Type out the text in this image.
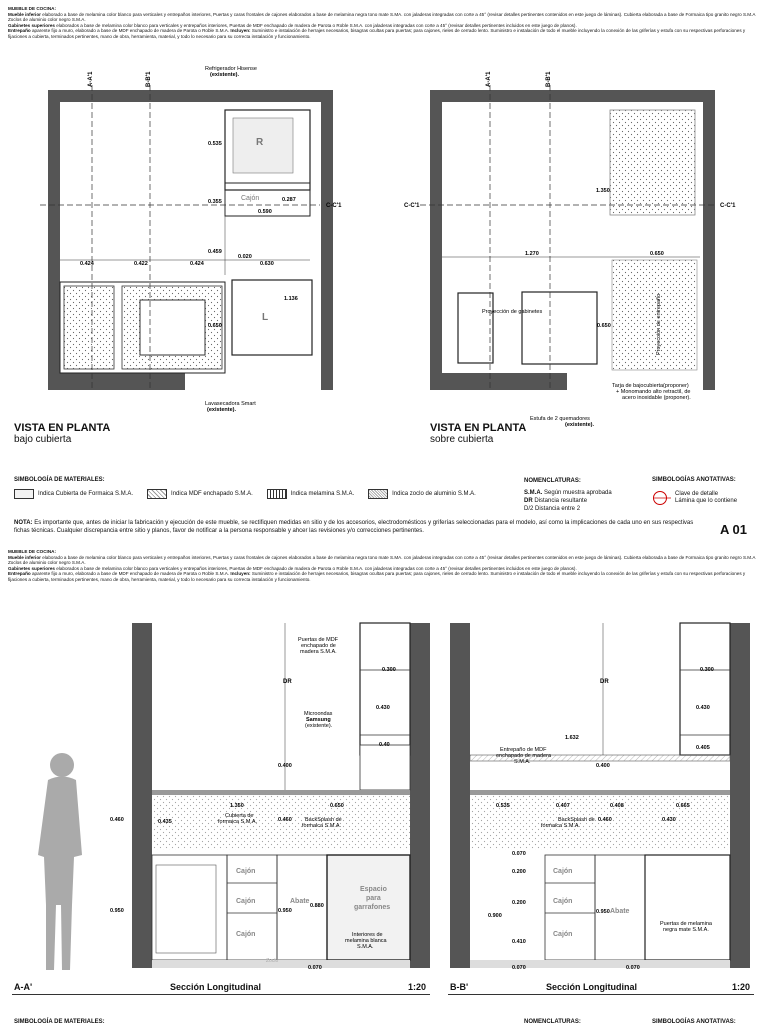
MUEBLE DE COCINA:
Mueble inferior elaborado a base de melamina color blanco para verticales y entrepaños interiores, Puertas y caras frontales de cajones elaborados a base de melamina negra tono mate S.MA. con jaladeras integradas con corte a 45° (revisar detalles pertinentes contenidos en este juego de láminas). Cubierta elaborada a base de Formaica tipo granito negro S.M.A Zoclos de aluminio color negro S.M.A.
Gabinetes superiores elaborados a base de melamina color blanco para verticales y entrepaños interiores, Puertas de MDF enchapado de madera de Parota o Roble S.M.A. con jaladeras integradas con corte a 45° (revisar detalles pertinentes incluidos en este juego de planos).
Entrepaño aparente fijo a muro, elaborado a base de MDF enchapado de madera de Parota o Roble S.M.A. Incluyen: Suministro e instalación de herrajes necesarios, bisagras ocultas para puertas; para cajones, rieles de cerrado lento. Suministro e instalación de todo el mueble incluyendo la conexión de las griferías y estufa con su respectivas perforaciones y fijaciones a cubierta, terminados pertinentes, mano de obra, herramienta, material, y todo lo necesario para su correcta instalación y funcionamiento.
Refrigerador Hisense
(existente).
R
Cajón
L
Lavasecadora Smart
(existente).
A-A'1	B-B'1
C-C'1
0.535
0.355	0.287
0.590
0.459
0.020
0.424	0.422	0.424	0.630
1.136
0.650
A-A'1	B-B'1
C-C'1	C-C'1
1.350
1.270	0.650
0.650
Proyección de gabinetes	Proyección de entrepaño
Estufa de 2 quemadores
(existente).
Tarja de bajocubierta(proponer)
+ Monomando alto retractil, de
acero inoxidable (proponer).
VISTA EN PLANTA
bajo cubierta
VISTA EN PLANTA
sobre cubierta
SIMBOLOGÍA DE MATERIALES:
Indica Cubierta de Formaica S.M.A.	Indica MDF enchapado S.M.A.	Indica melamina S.M.A.	Indica zoclo de aluminio S.M.A.
NOMENCLATURAS:
S.M.A. Según muestra aprobada
DR Distancia resultante
D/2 Distancia entre 2
SIMBOLOGÍAS ANOTATIVAS:
Clave de detalle
Lámina que lo contiene
NOTA: Es importante que, antes de iniciar la fabricación y ejecución de este mueble, se rectifiquen medidas en sitio y de los accesorios, electrodomésticos y griferías seleccionadas para el modelo, así como la implicaciones de cada uno en sus respectivas fichas técnicas. Cualquier discrepancia entre sitio y planos, favor de notificar a la persona responsable y ahcer las revisiones y/o correcciones pertinentes.	A 01
MUEBLE DE COCINA:
Mueble inferior elaborado a base de melamina color blanco para verticales y entrepaños interiores, Puertas y caras frontales de cajones elaborados a base de melamina negra tono mate S.MA. con jaladeras integradas con corte a 45° (revisar detalles pertinentes contenidos en este juego de láminas). Cubierta elaborada a base de Formaica tipo granito negro S.M.A Zoclos de aluminio color negro S.M.A.
Gabinetes superiores elaborados a base de melamina color blanco para verticales y entrepaños interiores, Puertas de MDF enchapado de madera de Parota o Roble S.M.A. con jaladeras integradas con corte a 45° (revisar detalles pertinentes incluidos en este juego de planos).
Entrepaño aparente fijo a muro, elaborado a base de MDF enchapado de madera de Parota o Roble S.M.A. Incluyen: Suministro e instalación de herrajes necesarios, bisagras ocultas para puertas; para cajones, rieles de cerrado lento. Suministro e instalación de todo el mueble incluyendo la conexión de las griferías y estufa con su respectivas perforaciones y fijaciones a cubierta, terminados pertinentes, mano de obra, herramienta, material, y todo lo necesario para su correcta instalación y funcionamiento.
DR
Puertas de MDF
enchapado de
madera S.M.A.
Microondas
Samsung
(existente).
Cubierta de
formaica S.M.A.	BackSplash de
formaica S.M.A.
Cajón
Cajón
Cajón
Abate
Espacio
para
garrafones
Interiores de
melamina blanca
S.M.A.
Zoclo
0.300
0.430
0.40
0.400
1.350	0.650
0.460	0.435	0.460
0.950
0.880
0.950
0.070
DR
Entrepaño de MDF
enchapado de madera
S.M.A.
BackSplash de
formaica S.M.A.
Cajón
Cajón
Cajón
Abate
Puertas de melamina
negra mate S.M.A.
0.300
0.430
1.632
0.405
0.400
0.535	0.407	0.408	0.665
0.460	0.430
0.070
0.200
0.200
0.900
0.410
0.950
0.070	0.070
A-A'	Sección Longitudinal	1:20	B-B'	Sección Longitudinal	1:20
SIMBOLOGÍA DE MATERIALES:	NOMENCLATURAS:	SIMBOLOGÍAS ANOTATIVAS:
